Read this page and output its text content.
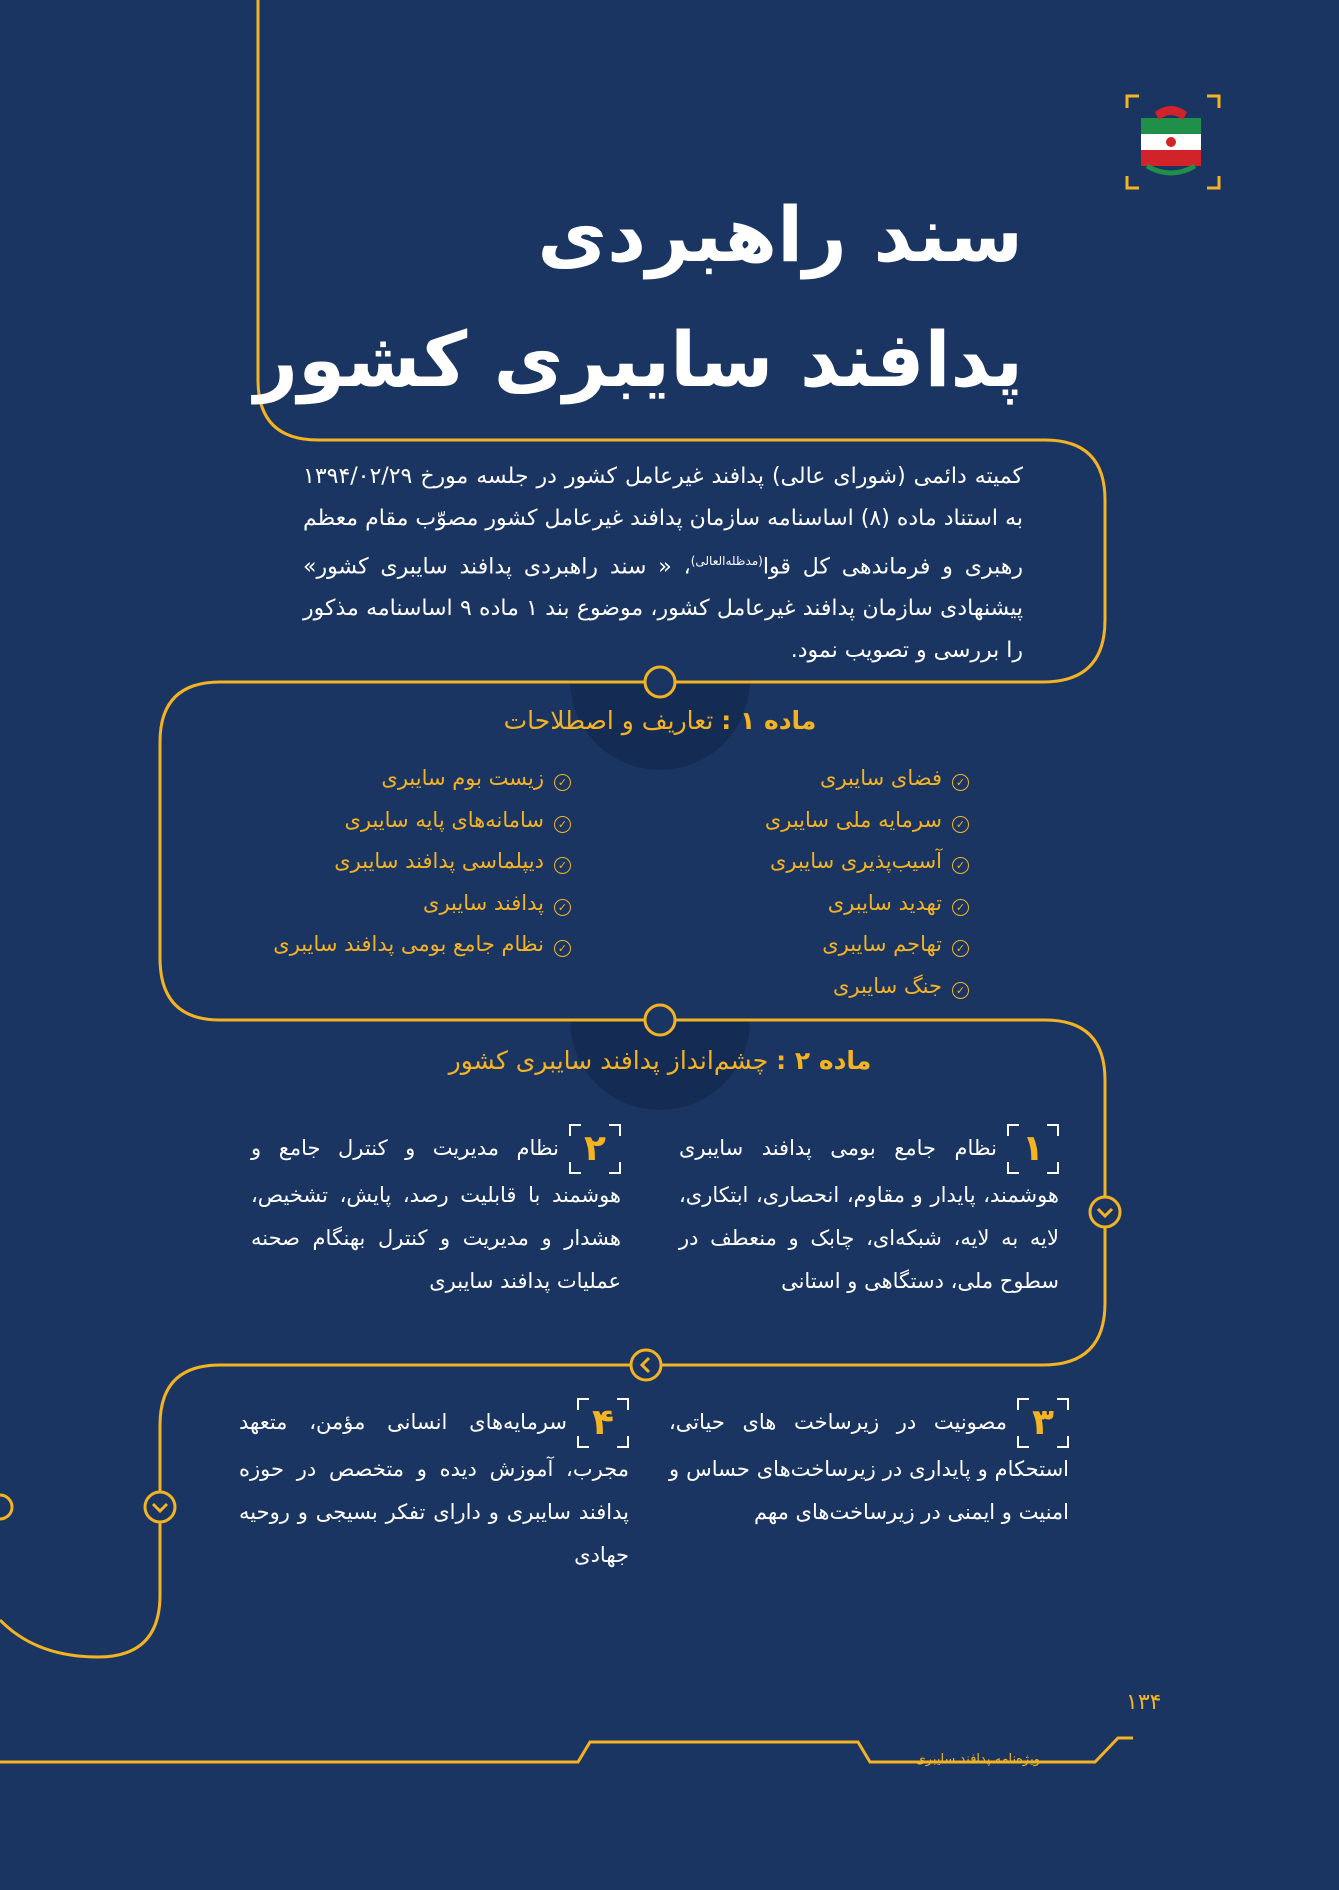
سند راهبردی
پدافند سایبری کشور
کمیته دائمی (شورای عالی) پدافند غیرعامل کشور در جلسه مورخ ۱۳۹۴/۰۲/۲۹ به استناد ماده (۸) اساسنامه سازمان پدافند غیرعامل کشور مصوّب مقام معظم رهبری و فرماندهی کل قوا$^{(مدظله‌العالی)}$، « سند راهبردی پدافند سایبری کشور» پیشنهادی سازمان پدافند غیرعامل کشور، موضوع بند ۱ ماده ۹ اساسنامه مذکور را بررسی و تصویب نمود.
ماده ۱ : تعاریف و اصطلاحات
✓فضای سایبری
✓سرمایه ملی سایبری
✓آسیب‌پذیری سایبری
✓تهدید سایبری
✓تهاجم سایبری
✓جنگ سایبری
✓زیست بوم سایبری
✓سامانه‌های پایه سایبری
✓دیپلماسی پدافند سایبری
✓پدافند سایبری
✓نظام جامع بومی پدافند سایبری
ماده ۲ : چشم‌انداز پدافند سایبری کشور
۱نظام جامع بومی پدافند سایبری هوشمند، پایدار و مقاوم، انحصاری، ابتکاری، لایه به لایه، شبکه‌ای، چابک و منعطف در سطوح ملی، دستگاهی و استانی
۲نظام مدیریت و کنترل جامع و هوشمند با قابلیت رصد، پایش، تشخیص، هشدار و مدیریت و کنترل بهنگام صحنه عملیات پدافند سایبری
۳مصونیت در زیرساخت های حیاتی، استحکام و پایداری در زیرساخت‌های حساس و امنیت و ایمنی در زیرساخت‌های مهم
۴سرمایه‌های انسانی مؤمن، متعهد مجرب، آموزش دیده و متخصص در حوزه پدافند سایبری و دارای تفکر بسیجی و روحیه جهادی
۱۳۴
ویژه‌نامه پدافند سایبری
